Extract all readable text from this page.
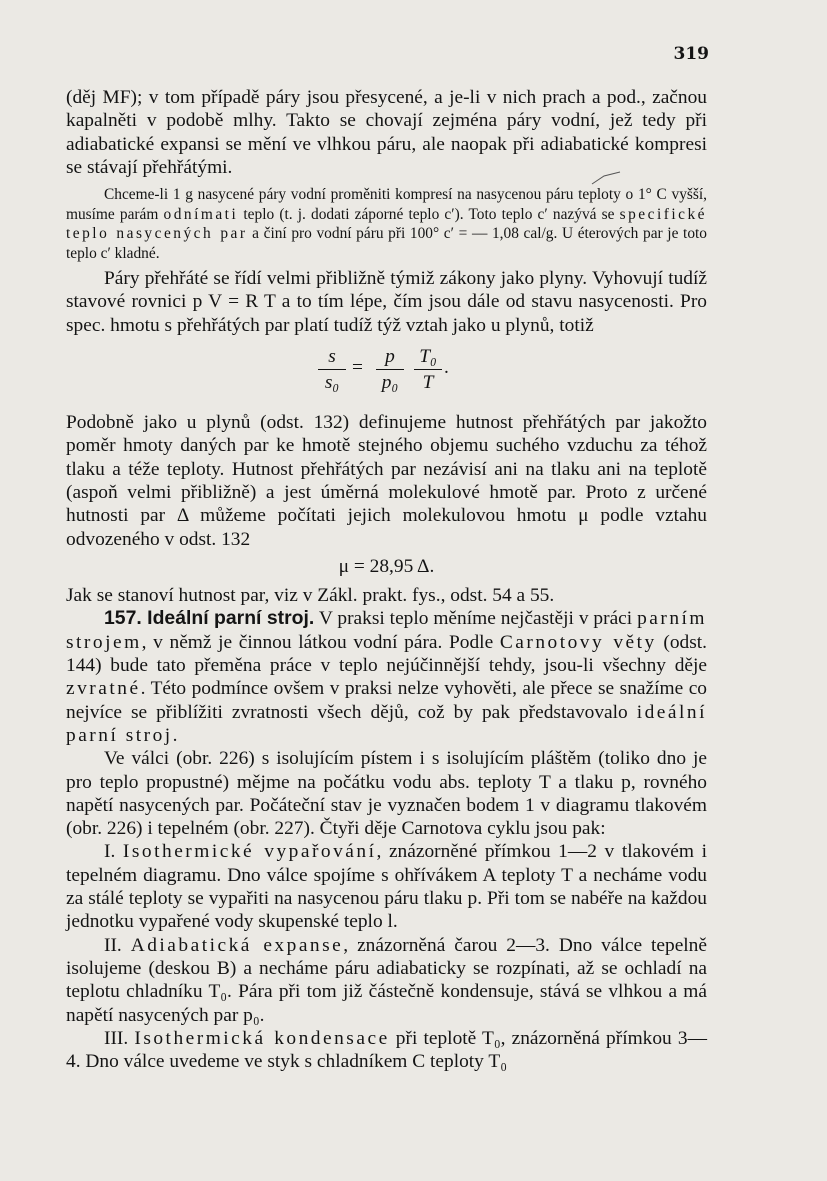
319

(děj MF); v tom případě páry jsou přesycené, a je-li v nich prach a pod., začnou kapalněti v podobě mlhy. Takto se chovají zejména páry vodní, jež tedy při adiabatické expansi se mění ve vlhkou páru, ale naopak při adiabatické kompresi se stávají přehřátými.

Chceme-li 1 g nasycené páry vodní proměniti kompresí na nasycenou páru teploty o 1° C vyšší, musíme parám odnímati teplo (t. j. dodati záporné teplo c′). Toto teplo c′ nazývá se specifické teplo nasycených par a činí pro vodní páru při 100° c′ = — 1,08 cal/g. U éterových par je toto teplo c′ kladné.

Páry přehřáté se řídí velmi přibližně týmiž zákony jako plyny. Vyhovují tudíž stavové rovnici p V = R T a to tím lépe, čím jsou dále od stavu nasycenosti. Pro spec. hmotu s přehřátých par platí tudíž týž vztah jako u plynů, totiž

$\frac{s}{\text{s₀}} = \frac{p}{\text{p₀}} \frac{\text{T₀}}{T}$ .

Podobně jako u plynů (odst. 132) definujeme hutnost přehřátých par jakožto poměr hmoty daných par ke hmotě stejného objemu suchého vzduchu za téhož tlaku a téže teploty. Hutnost přehřátých par nezávisí ani na tlaku ani na teplotě (aspoň velmi přibližně) a jest úměrná molekulové hmotě par. Proto z určené hutnosti par Δ můžeme počítati jejich molekulovou hmotu μ podle vztahu odvozeného v odst. 132

μ = 28,95 Δ.

Jak se stanoví hutnost par, viz v Zákl. prakt. fys., odst. 54 a 55.

157. Ideální parní stroj. V praksi teplo měníme nejčastěji v práci parním strojem, v němž je činnou látkou vodní pára. Podle Carnotovy věty (odst. 144) bude tato přeměna práce v teplo nejúčinnější tehdy, jsou-li všechny děje zvratné. Této podmínce ovšem v praksi nelze vyhověti, ale přece se snažíme co nejvíce se přiblížiti zvratnosti všech dějů, což by pak představovalo ideální parní stroj.

Ve válci (obr. 226) s isolujícím pístem i s isolujícím pláštěm (toliko dno je pro teplo propustné) mějme na počátku vodu abs. teploty T a tlaku p, rovného napětí nasycených par. Počáteční stav je vyznačen bodem 1 v diagramu tlakovém (obr. 226) i tepelném (obr. 227). Čtyři děje Carnotova cyklu jsou pak:

I. Isothermické vypařování, znázorněné přímkou 1—2 v tlakovém i tepelném diagramu. Dno válce spojíme s ohřívákem A teploty T a necháme vodu za stálé teploty se vypařiti na nasycenou páru tlaku p. Při tom se nabéře na každou jednotku vypařené vody skupenské teplo l.

II. Adiabatická expanse, znázorněná čarou 2—3. Dno válce tepelně isolujeme (deskou B) a necháme páru adiabaticky se rozpínati, až se ochladí na teplotu chladníku T₀. Pára při tom již částečně kondensuje, stává se vlhkou a má napětí nasycených par p₀.

III. Isothermická kondensace při teplotě T₀, znázorněná přímkou 3—4. Dno válce uvedeme ve styk s chladníkem C teploty T₀
